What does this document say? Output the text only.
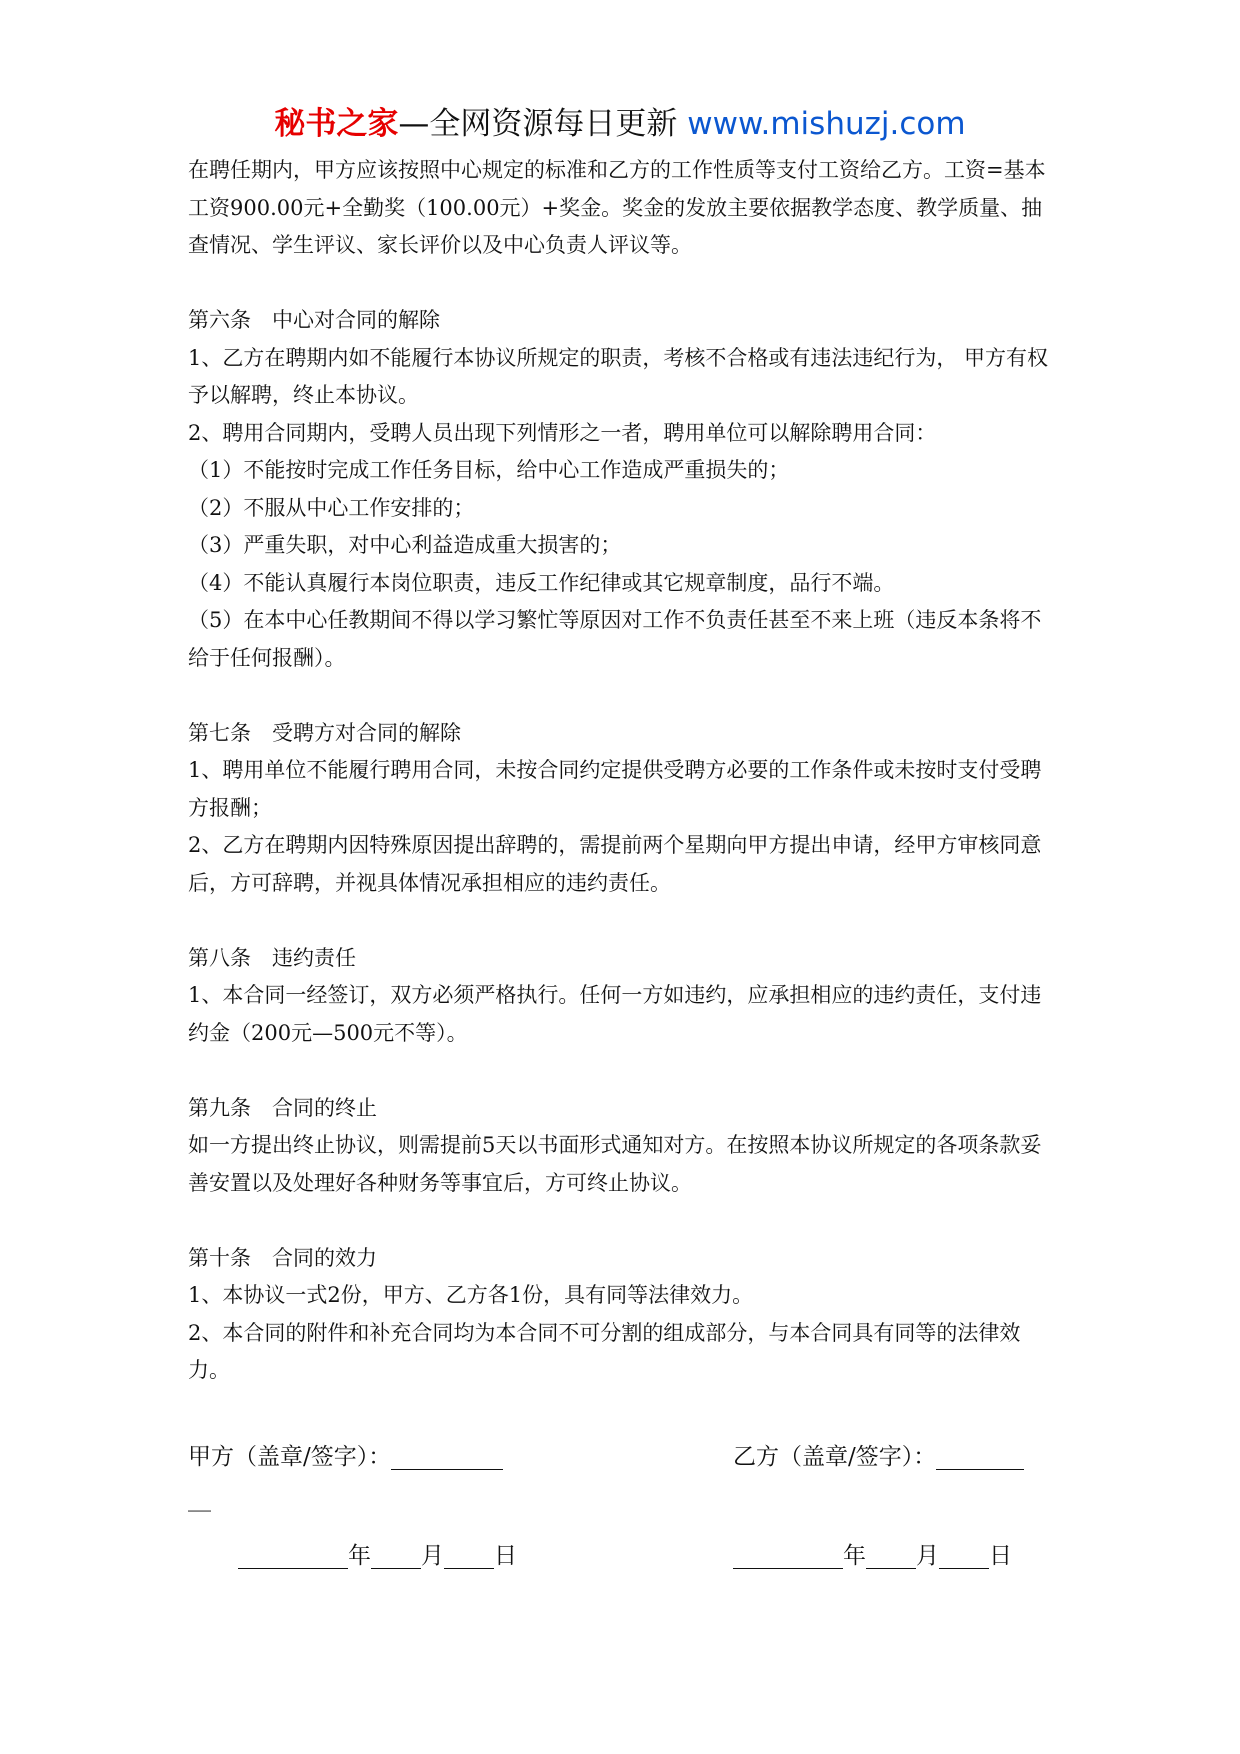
秘书之家—全网资源每日更新 www.mishuzj.com

在聘任期内，甲方应该按照中心规定的标准和乙方的工作性质等支付工资给乙方。工资=基本工资900.00元+全勤奖（100.00元）+奖金。奖金的发放主要依据教学态度、教学质量、抽查情况、学生评议、家长评价以及中心负责人评议等。

第六条　中心对合同的解除

1、乙方在聘期内如不能履行本协议所规定的职责，考核不合格或有违法违纪行为， 甲方有权予以解聘，终止本协议。

2、聘用合同期内，受聘人员出现下列情形之一者，聘用单位可以解除聘用合同：

（1）不能按时完成工作任务目标，给中心工作造成严重损失的；

（2）不服从中心工作安排的；

（3）严重失职，对中心利益造成重大损害的；

（4）不能认真履行本岗位职责，违反工作纪律或其它规章制度，品行不端。

（5）在本中心任教期间不得以学习繁忙等原因对工作不负责任甚至不来上班（违反本条将不给于任何报酬）。

第七条　受聘方对合同的解除

1、聘用单位不能履行聘用合同，未按合同约定提供受聘方必要的工作条件或未按时支付受聘方报酬；

2、乙方在聘期内因特殊原因提出辞聘的，需提前两个星期向甲方提出申请，经甲方审核同意后，方可辞聘，并视具体情况承担相应的违约责任。

第八条　违约责任

1、本合同一经签订，双方必须严格执行。任何一方如违约，应承担相应的违约责任，支付违约金（200元—500元不等）。

第九条　合同的终止

如一方提出终止协议，则需提前5天以书面形式通知对方。在按照本协议所规定的各项条款妥善安置以及处理好各种财务等事宜后，方可终止协议。

第十条　合同的效力

1、本协议一式2份，甲方、乙方各1份，具有同等法律效力。

2、本合同的附件和补充合同均为本合同不可分割的组成部分，与本合同具有同等的法律效力。

甲方（盖章/签字）：	乙方（盖章/签字）：
__
年 月 日	年 月 日
